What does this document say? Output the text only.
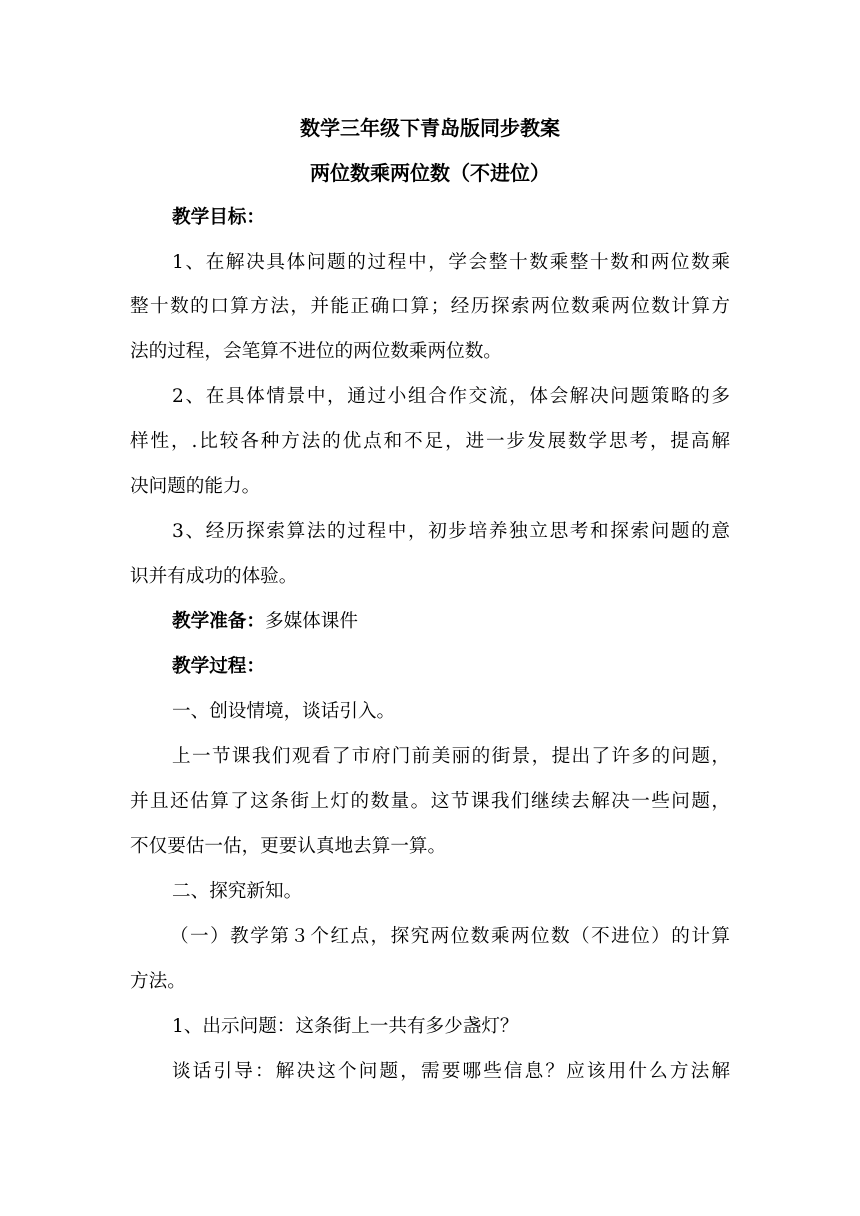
数学三年级下青岛版同步教案
两位数乘两位数（不进位）
教学目标：
1、在解决具体问题的过程中，学会整十数乘整十数和两位数乘
整十数的口算方法，并能正确口算；经历探索两位数乘两位数计算方
法的过程，会笔算不进位的两位数乘两位数。
2、在具体情景中，通过小组合作交流，体会解决问题策略的多
样性，.比较各种方法的优点和不足，进一步发展数学思考，提高解
决问题的能力。
3、经历探索算法的过程中，初步培养独立思考和探索问题的意
识并有成功的体验。
教学准备：多媒体课件
教学过程：
一、创设情境，谈话引入。
上一节课我们观看了市府门前美丽的街景，提出了许多的问题，
并且还估算了这条街上灯的数量。这节课我们继续去解决一些问题，
不仅要估一估，更要认真地去算一算。
二、探究新知。
（一）教学第３个红点，探究两位数乘两位数（不进位）的计算
方法。
1、出示问题：这条街上一共有多少盏灯？
谈话引导：解决这个问题，需要哪些信息？应该用什么方法解
